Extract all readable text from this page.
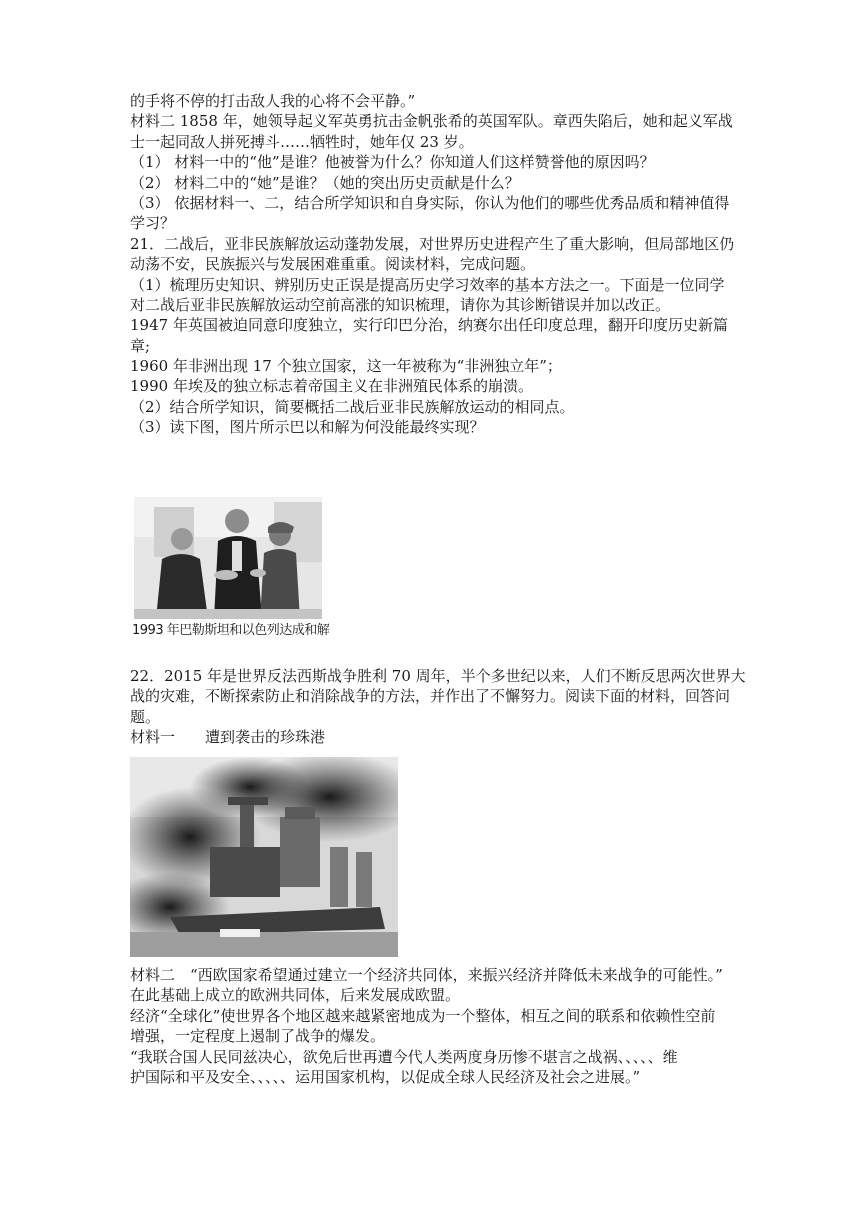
的手将不停的打击敌人我的心将不会平静。”
材料二 1858 年，她领导起义军英勇抗击金帆张希的英国军队。章西失陷后，她和起义军战
士一起同敌人拼死搏斗……牺牲时，她年仅 23 岁。
（1） 材料一中的“他”是谁？他被誉为什么？你知道人们这样赞誉他的原因吗？
（2） 材料二中的“她”是谁？（她的突出历史贡献是什么？
（3） 依据材料一、二，结合所学知识和自身实际，你认为他们的哪些优秀品质和精神值得
学习？
21．二战后，亚非民族解放运动蓬勃发展，对世界历史进程产生了重大影响，但局部地区仍
动荡不安，民族振兴与发展困难重重。阅读材料，完成问题。
（1）梳理历史知识、辨别历史正误是提高历史学习效率的基本方法之一。下面是一位同学
对二战后亚非民族解放运动空前高涨的知识梳理，请你为其诊断错误并加以改正。
1947 年英国被迫同意印度独立，实行印巴分治，纳赛尔出任印度总理，翻开印度历史新篇
章;
1960 年非洲出现 17 个独立国家，这一年被称为“非洲独立年”；
1990 年埃及的独立标志着帝国主义在非洲殖民体系的崩溃。
（2）结合所学知识，简要概括二战后亚非民族解放运动的相同点。
（3）读下图，图片所示巴以和解为何没能最终实现？
1993 年巴勒斯坦和以色列达成和解
22．2015 年是世界反法西斯战争胜利 70 周年，半个多世纪以来，人们不断反思两次世界大
战的灾难，不断探索防止和消除战争的方法，并作出了不懈努力。阅读下面的材料，回答问
题。
材料一　　遭到袭击的珍珠港
材料二　“西欧国家希望通过建立一个经济共同体，来振兴经济并降低未来战争的可能性。”
在此基础上成立的欧洲共同体，后来发展成欧盟。
经济“全球化”使世界各个地区越来越紧密地成为一个整体，相互之间的联系和依赖性空前
增强，一定程度上遏制了战争的爆发。
“我联合国人民同兹决心，欲免后世再遭今代人类两度身历惨不堪言之战祸、、、、、维
护国际和平及安全、、、、、运用国家机构，以促成全球人民经济及社会之进展。”
